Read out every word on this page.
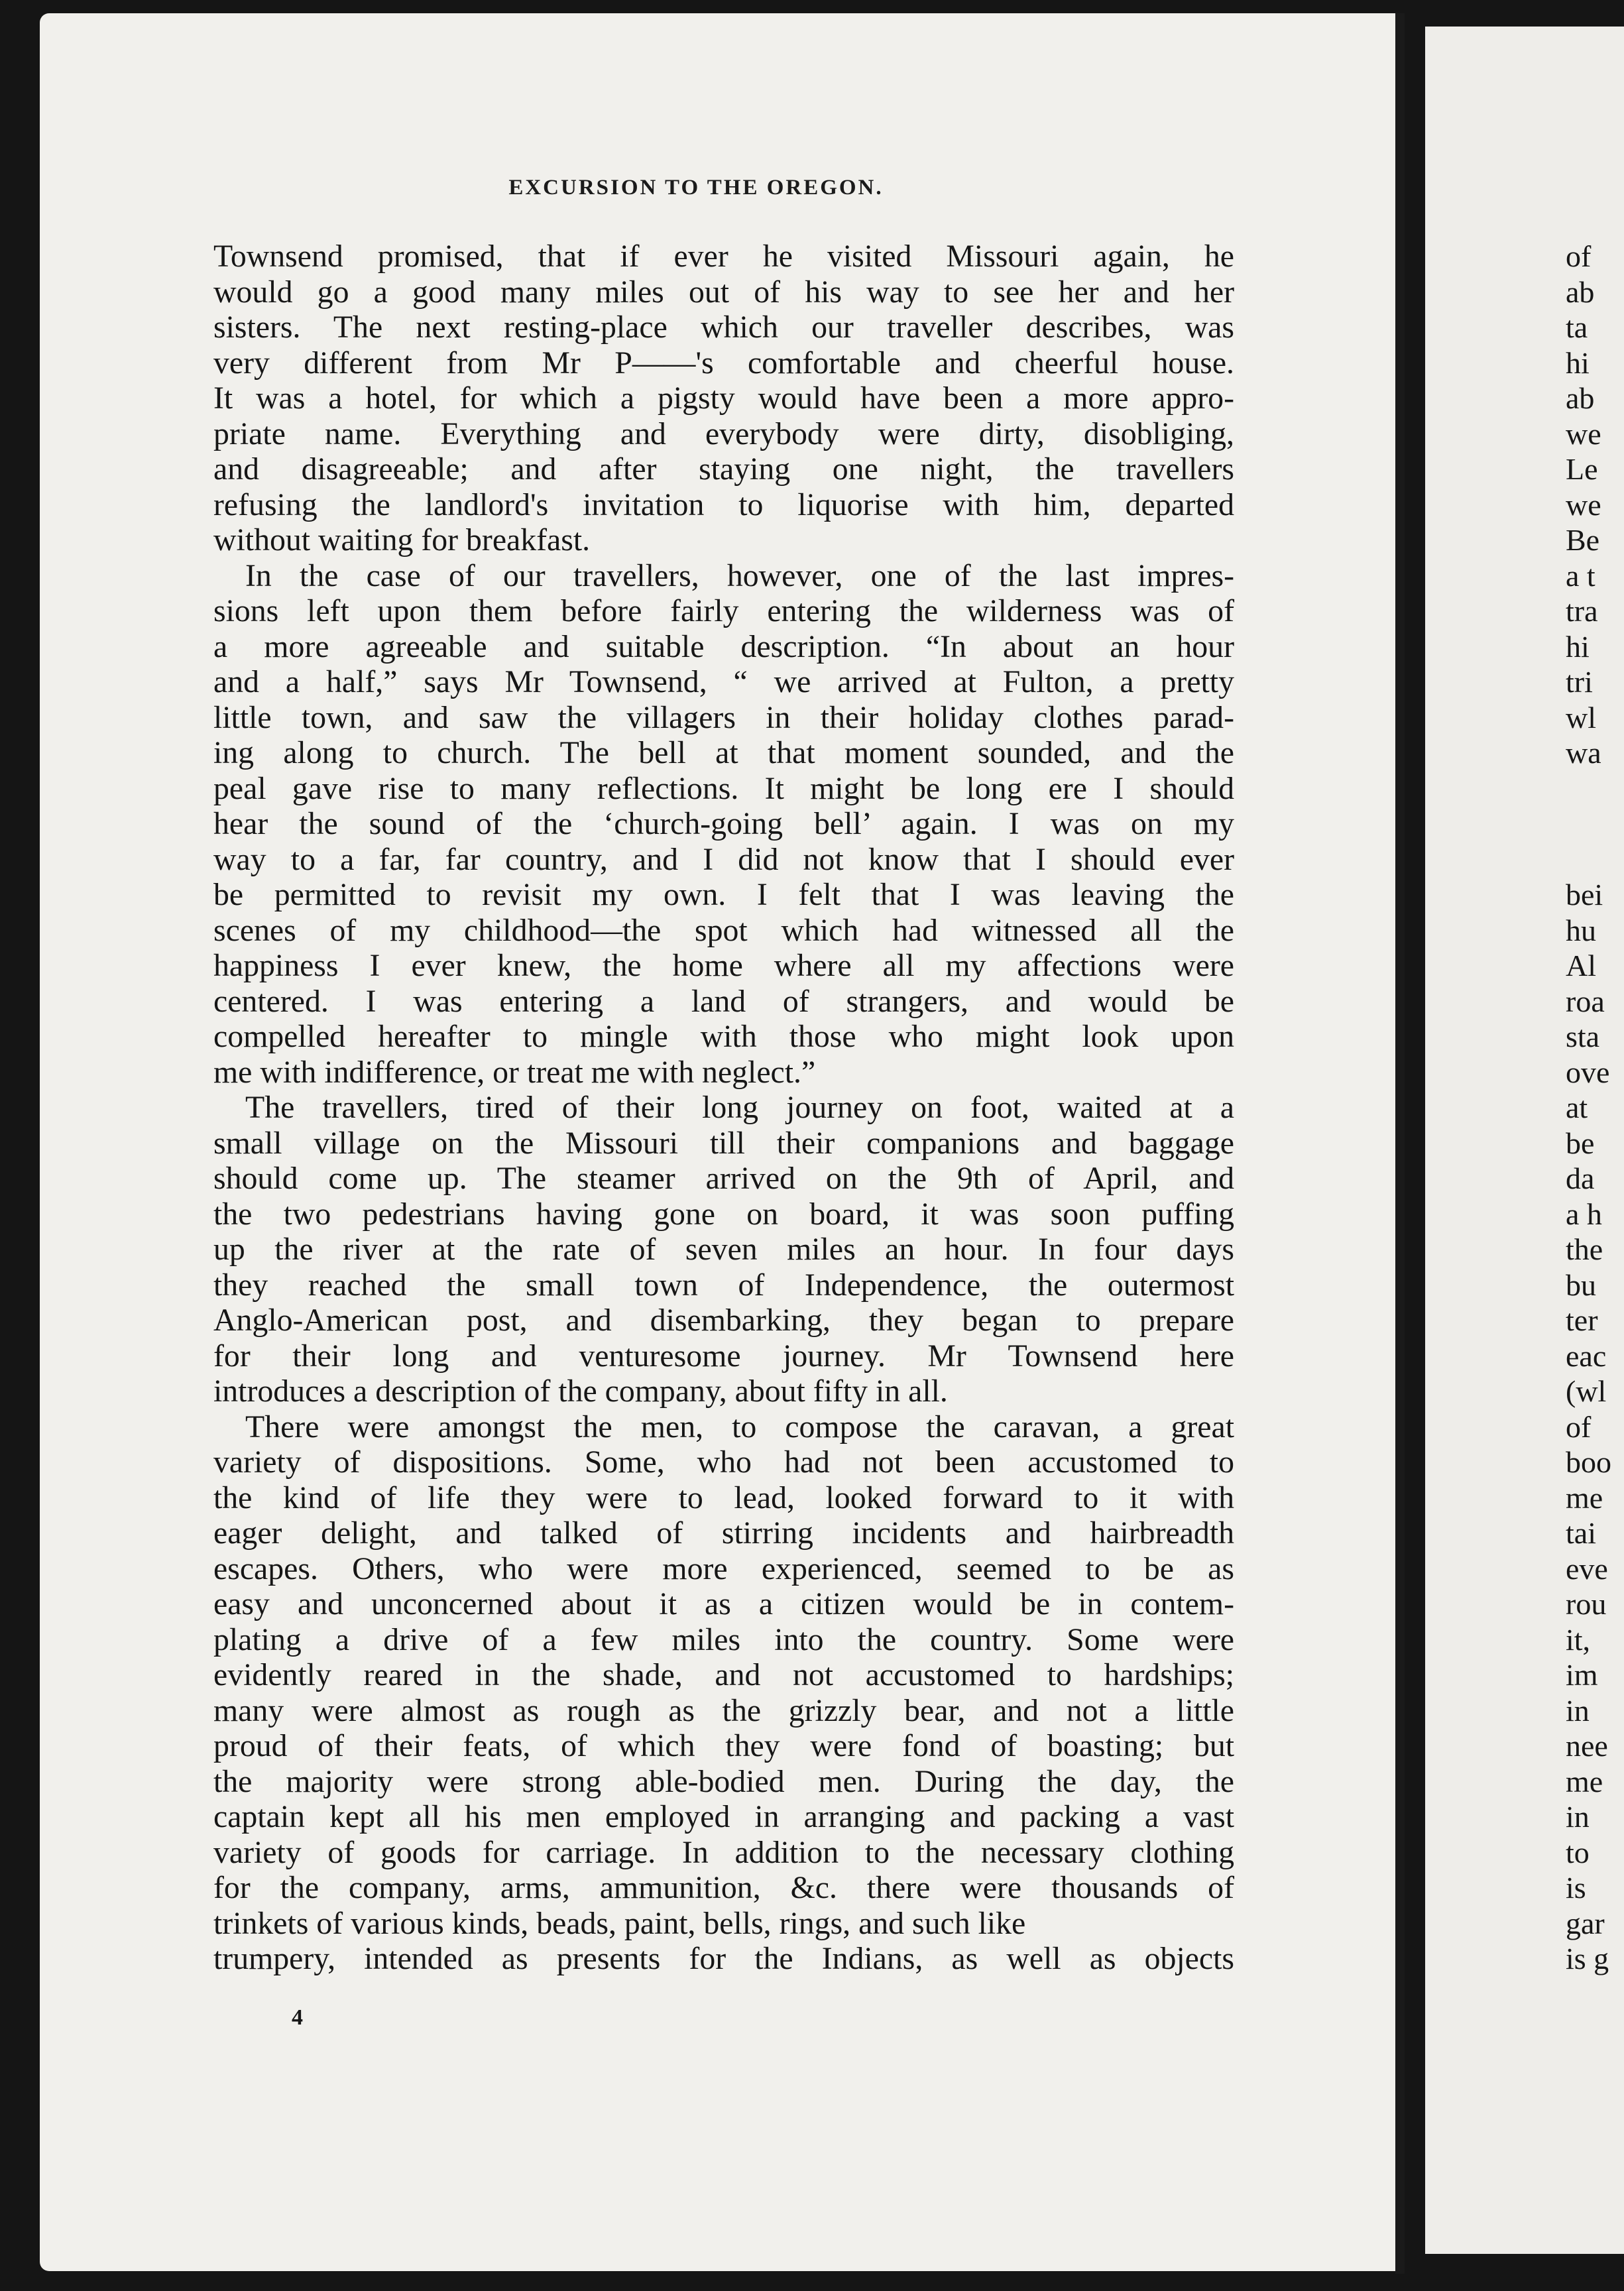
EXCURSION TO THE OREGON.
Townsend promised, that if ever he visited Missouri again, he
would go a good many miles out of his way to see her and her
sisters. The next resting-place which our traveller describes, was
very different from Mr P——'s comfortable and cheerful house.
It was a hotel, for which a pigsty would have been a more appro-
priate name. Everything and everybody were dirty, disobliging,
and disagreeable; and after staying one night, the travellers
refusing the landlord's invitation to liquorise with him, departed
without waiting for breakfast.
In the case of our travellers, however, one of the last impres-
sions left upon them before fairly entering the wilderness was of
a more agreeable and suitable description. “In about an hour
and a half,” says Mr Townsend, “ we arrived at Fulton, a pretty
little town, and saw the villagers in their holiday clothes parad-
ing along to church. The bell at that moment sounded, and the
peal gave rise to many reflections. It might be long ere I should
hear the sound of the ‘church-going bell’ again. I was on my
way to a far, far country, and I did not know that I should ever
be permitted to revisit my own. I felt that I was leaving the
scenes of my childhood—the spot which had witnessed all the
happiness I ever knew, the home where all my affections were
centered. I was entering a land of strangers, and would be
compelled hereafter to mingle with those who might look upon
me with indifference, or treat me with neglect.”
The travellers, tired of their long journey on foot, waited at a
small village on the Missouri till their companions and baggage
should come up. The steamer arrived on the 9th of April, and
the two pedestrians having gone on board, it was soon puffing
up the river at the rate of seven miles an hour. In four days
they reached the small town of Independence, the outermost
Anglo-American post, and disembarking, they began to prepare
for their long and venturesome journey. Mr Townsend here
introduces a description of the company, about fifty in all.
There were amongst the men, to compose the caravan, a great
variety of dispositions. Some, who had not been accustomed to
the kind of life they were to lead, looked forward to it with
eager delight, and talked of stirring incidents and hairbreadth
escapes. Others, who were more experienced, seemed to be as
easy and unconcerned about it as a citizen would be in contem-
plating a drive of a few miles into the country. Some were
evidently reared in the shade, and not accustomed to hardships;
many were almost as rough as the grizzly bear, and not a little
proud of their feats, of which they were fond of boasting; but
the majority were strong able-bodied men. During the day, the
captain kept all his men employed in arranging and packing a vast
variety of goods for carriage. In addition to the necessary clothing
for the company, arms, ammunition, &c. there were thousands of
trinkets of various kinds, beads, paint, bells, rings, and such like
trumpery, intended as presents for the Indians, as well as objects
4
of
ab
ta
hi
ab
we
Le
we
Be
a t
tra
hi
tri
wl
wa
bei
hu
Al
roa
sta
ove
at
be
da
a h
the
bu
ter
eac
(wl
of
boo
me
tai
eve
rou
it,
im
in
nee
me
in
to
is
gar
is g
